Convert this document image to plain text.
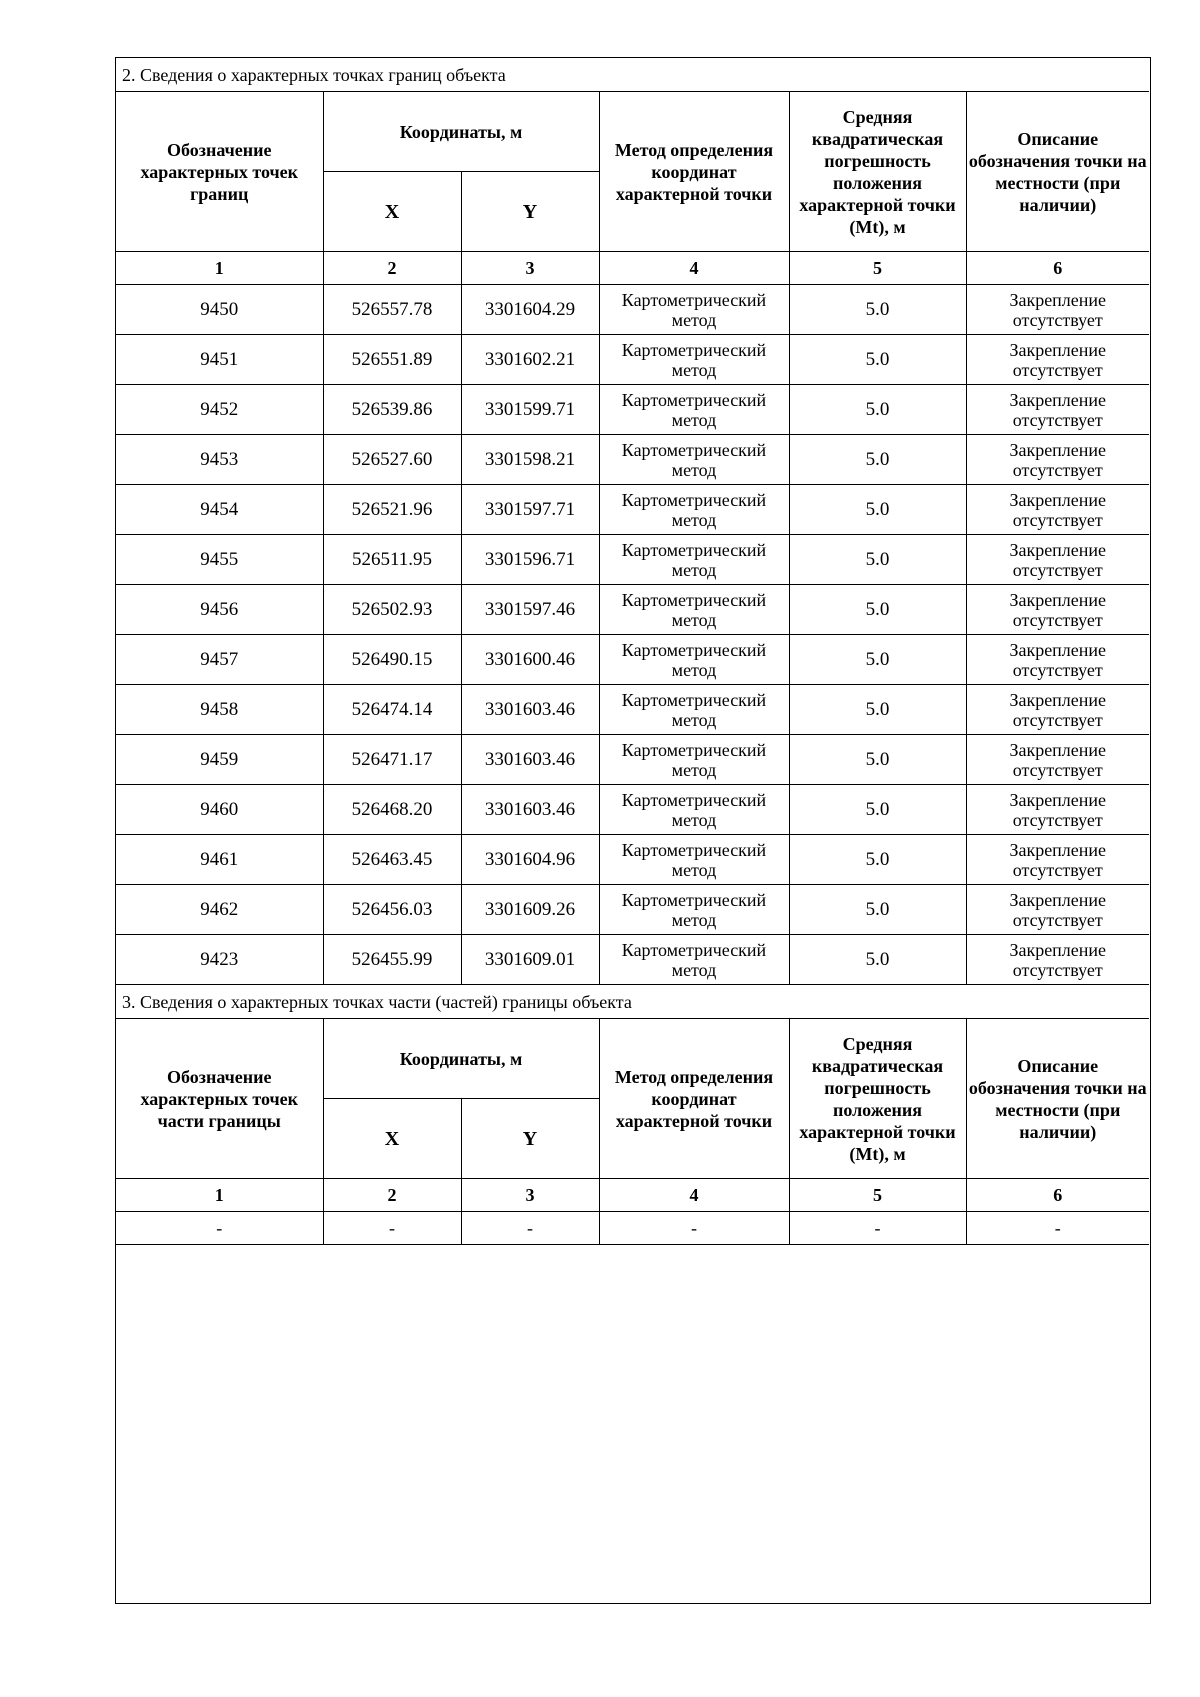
2. Сведения о характерных точках границ объекта					
Обозначение характерных точек границ	Координаты, м		Метод определения координат характерной точки	Средняя квадратическая погрешность положения характерной точки (Mt), м	Описание обозначения точки на местности (при наличии)
	X	Y			
1	2	3	4	5	6
9450	526557.78	3301604.29	Картометрический метод	5.0	Закрепление отсутствует
9451	526551.89	3301602.21	Картометрический метод	5.0	Закрепление отсутствует
9452	526539.86	3301599.71	Картометрический метод	5.0	Закрепление отсутствует
9453	526527.60	3301598.21	Картометрический метод	5.0	Закрепление отсутствует
9454	526521.96	3301597.71	Картометрический метод	5.0	Закрепление отсутствует
9455	526511.95	3301596.71	Картометрический метод	5.0	Закрепление отсутствует
9456	526502.93	3301597.46	Картометрический метод	5.0	Закрепление отсутствует
9457	526490.15	3301600.46	Картометрический метод	5.0	Закрепление отсутствует
9458	526474.14	3301603.46	Картометрический метод	5.0	Закрепление отсутствует
9459	526471.17	3301603.46	Картометрический метод	5.0	Закрепление отсутствует
9460	526468.20	3301603.46	Картометрический метод	5.0	Закрепление отсутствует
9461	526463.45	3301604.96	Картометрический метод	5.0	Закрепление отсутствует
9462	526456.03	3301609.26	Картометрический метод	5.0	Закрепление отсутствует
9423	526455.99	3301609.01	Картометрический метод	5.0	Закрепление отсутствует
3. Сведения о характерных точках части (частей) границы объекта					
Обозначение характерных точек части границы	Координаты, м		Метод определения координат характерной точки	Средняя квадратическая погрешность положения характерной точки (Mt), м	Описание обозначения точки на местности (при наличии)
	X	Y			
1	2	3	4	5	6
-	-	-	-	-	-
